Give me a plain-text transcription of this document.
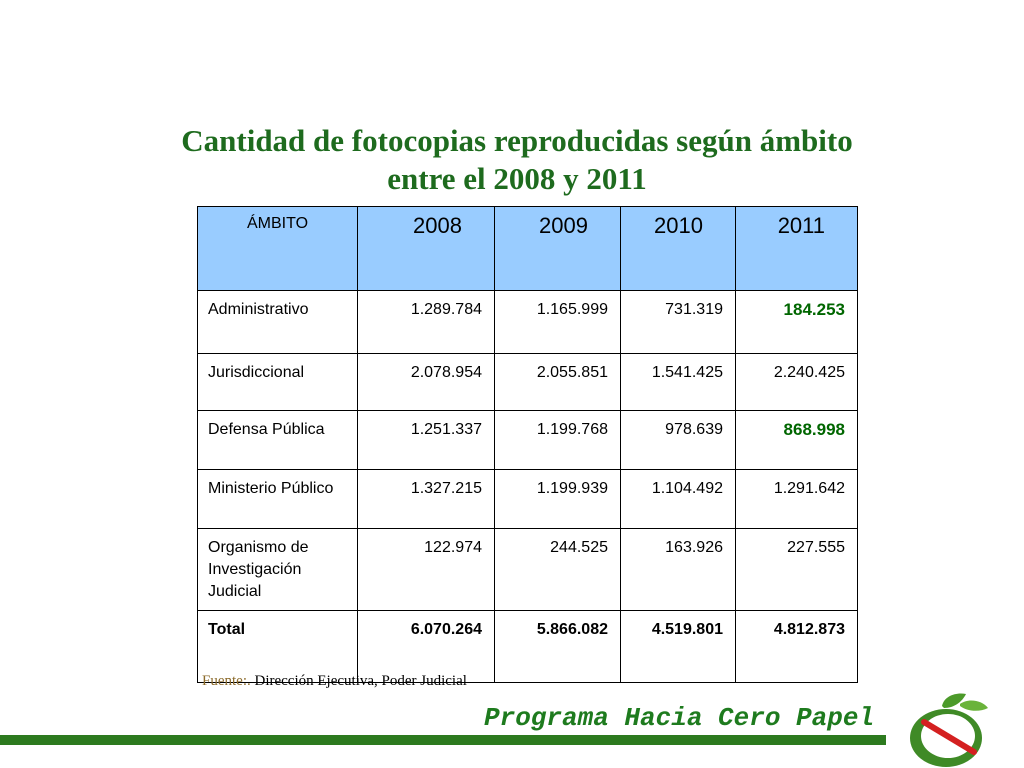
Cantidad de fotocopias reproducidas según ámbito entre el 2008 y 2011
ÁMBITO	2008	2009	2010	2011
Administrativo	1.289.784	1.165.999	731.319	184.253
Jurisdiccional	2.078.954	2.055.851	1.541.425	2.240.425
Defensa Pública	1.251.337	1.199.768	978.639	868.998
Ministerio Público	1.327.215	1.199.939	1.104.492	1.291.642
Organismo de Investigación Judicial	122.974	244.525	163.926	227.555
Total	6.070.264	5.866.082	4.519.801	4.812.873
Fuente:. Dirección Ejecutiva, Poder Judicial
Programa Hacia Cero Papel
